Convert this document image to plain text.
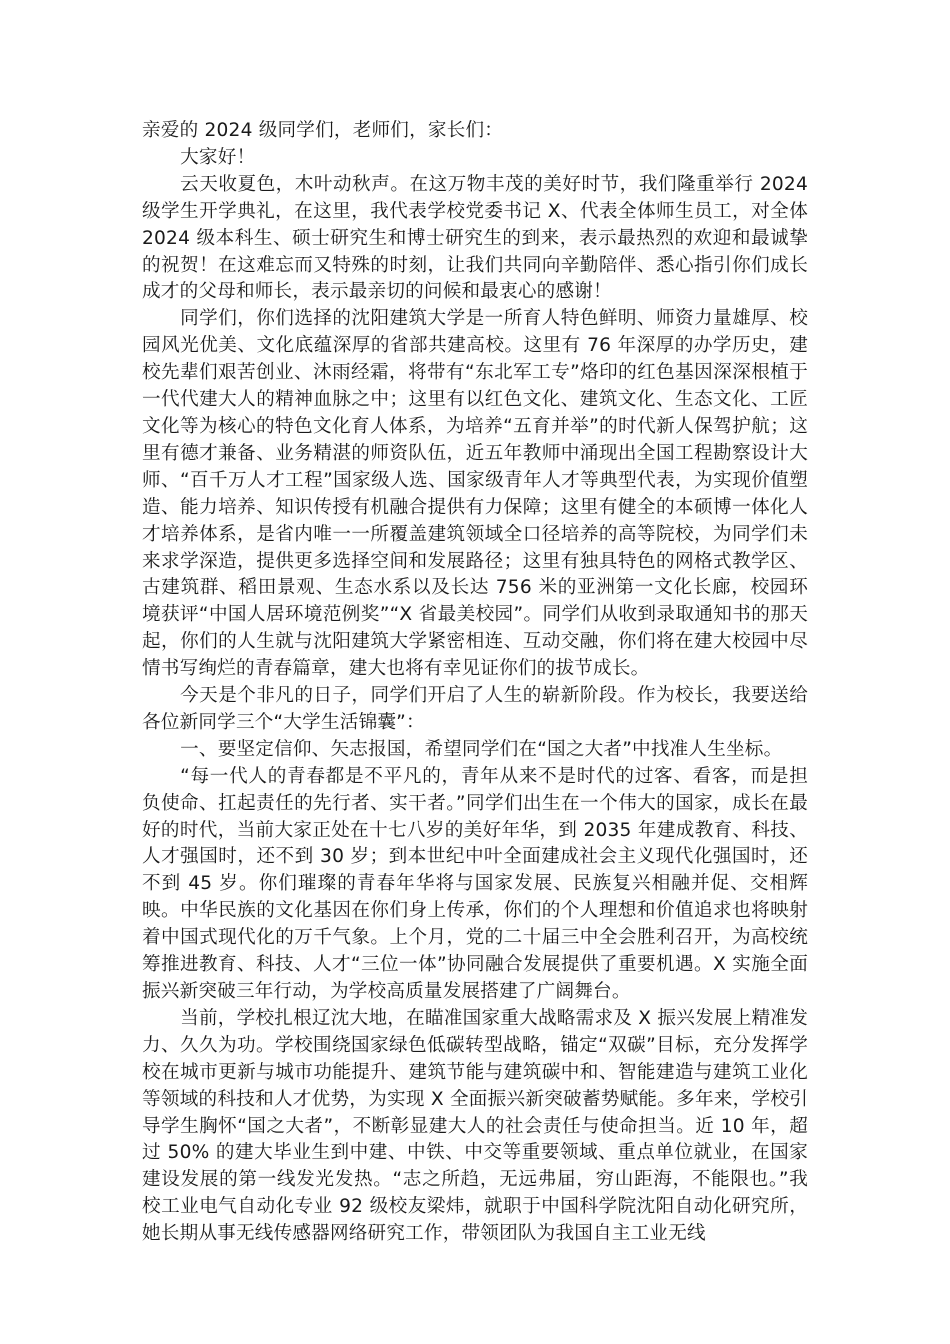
亲爱的 2024 级同学们，老师们，家长们：

大家好！

云天收夏色，木叶动秋声。在这万物丰茂的美好时节，我们隆重举行 2024 级学生开学典礼，在这里，我代表学校党委书记 X、代表全体师生员工，对全体 2024 级本科生、硕士研究生和博士研究生的到来，表示最热烈的欢迎和最诚挚的祝贺！在这难忘而又特殊的时刻，让我们共同向辛勤陪伴、悉心指引你们成长成才的父母和师长，表示最亲切的问候和最衷心的感谢！

同学们，你们选择的沈阳建筑大学是一所育人特色鲜明、师资力量雄厚、校园风光优美、文化底蕴深厚的省部共建高校。这里有 76 年深厚的办学历史，建校先辈们艰苦创业、沐雨经霜，将带有“东北军工专”烙印的红色基因深深根植于一代代建大人的精神血脉之中；这里有以红色文化、建筑文化、生态文化、工匠文化等为核心的特色文化育人体系，为培养“五育并举”的时代新人保驾护航；这里有德才兼备、业务精湛的师资队伍，近五年教师中涌现出全国工程勘察设计大师、“百千万人才工程”国家级人选、国家级青年人才等典型代表，为实现价值塑造、能力培养、知识传授有机融合提供有力保障；这里有健全的本硕博一体化人才培养体系，是省内唯一一所覆盖建筑领域全口径培养的高等院校，为同学们未来求学深造，提供更多选择空间和发展路径；这里有独具特色的网格式教学区、古建筑群、稻田景观、生态水系以及长达 756 米的亚洲第一文化长廊，校园环境获评“中国人居环境范例奖”“X 省最美校园”。同学们从收到录取通知书的那天起，你们的人生就与沈阳建筑大学紧密相连、互动交融，你们将在建大校园中尽情书写绚烂的青春篇章，建大也将有幸见证你们的拔节成长。

今天是个非凡的日子，同学们开启了人生的崭新阶段。作为校长，我要送给各位新同学三个“大学生活锦囊”：

一、要坚定信仰、矢志报国，希望同学们在“国之大者”中找准人生坐标。

“每一代人的青春都是不平凡的，青年从来不是时代的过客、看客，而是担负使命、扛起责任的先行者、实干者。”同学们出生在一个伟大的国家，成长在最好的时代，当前大家正处在十七八岁的美好年华，到 2035 年建成教育、科技、人才强国时，还不到 30 岁；到本世纪中叶全面建成社会主义现代化强国时，还不到 45 岁。你们璀璨的青春年华将与国家发展、民族复兴相融并促、交相辉映。中华民族的文化基因在你们身上传承，你们的个人理想和价值追求也将映射着中国式现代化的万千气象。上个月，党的二十届三中全会胜利召开，为高校统筹推进教育、科技、人才“三位一体”协同融合发展提供了重要机遇。X 实施全面振兴新突破三年行动，为学校高质量发展搭建了广阔舞台。

当前，学校扎根辽沈大地，在瞄准国家重大战略需求及 X 振兴发展上精准发力、久久为功。学校围绕国家绿色低碳转型战略，锚定“双碳”目标，充分发挥学校在城市更新与城市功能提升、建筑节能与建筑碳中和、智能建造与建筑工业化等领域的科技和人才优势，为实现 X 全面振兴新突破蓄势赋能。多年来，学校引导学生胸怀“国之大者”，不断彰显建大人的社会责任与使命担当。近 10 年，超过 50% 的建大毕业生到中建、中铁、中交等重要领域、重点单位就业，在国家建设发展的第一线发光发热。“志之所趋，无远弗届，穷山距海，不能限也。”我校工业电气自动化专业 92 级校友梁炜，就职于中国科学院沈阳自动化研究所，她长期从事无线传感器网络研究工作，带领团队为我国自主工业无线
